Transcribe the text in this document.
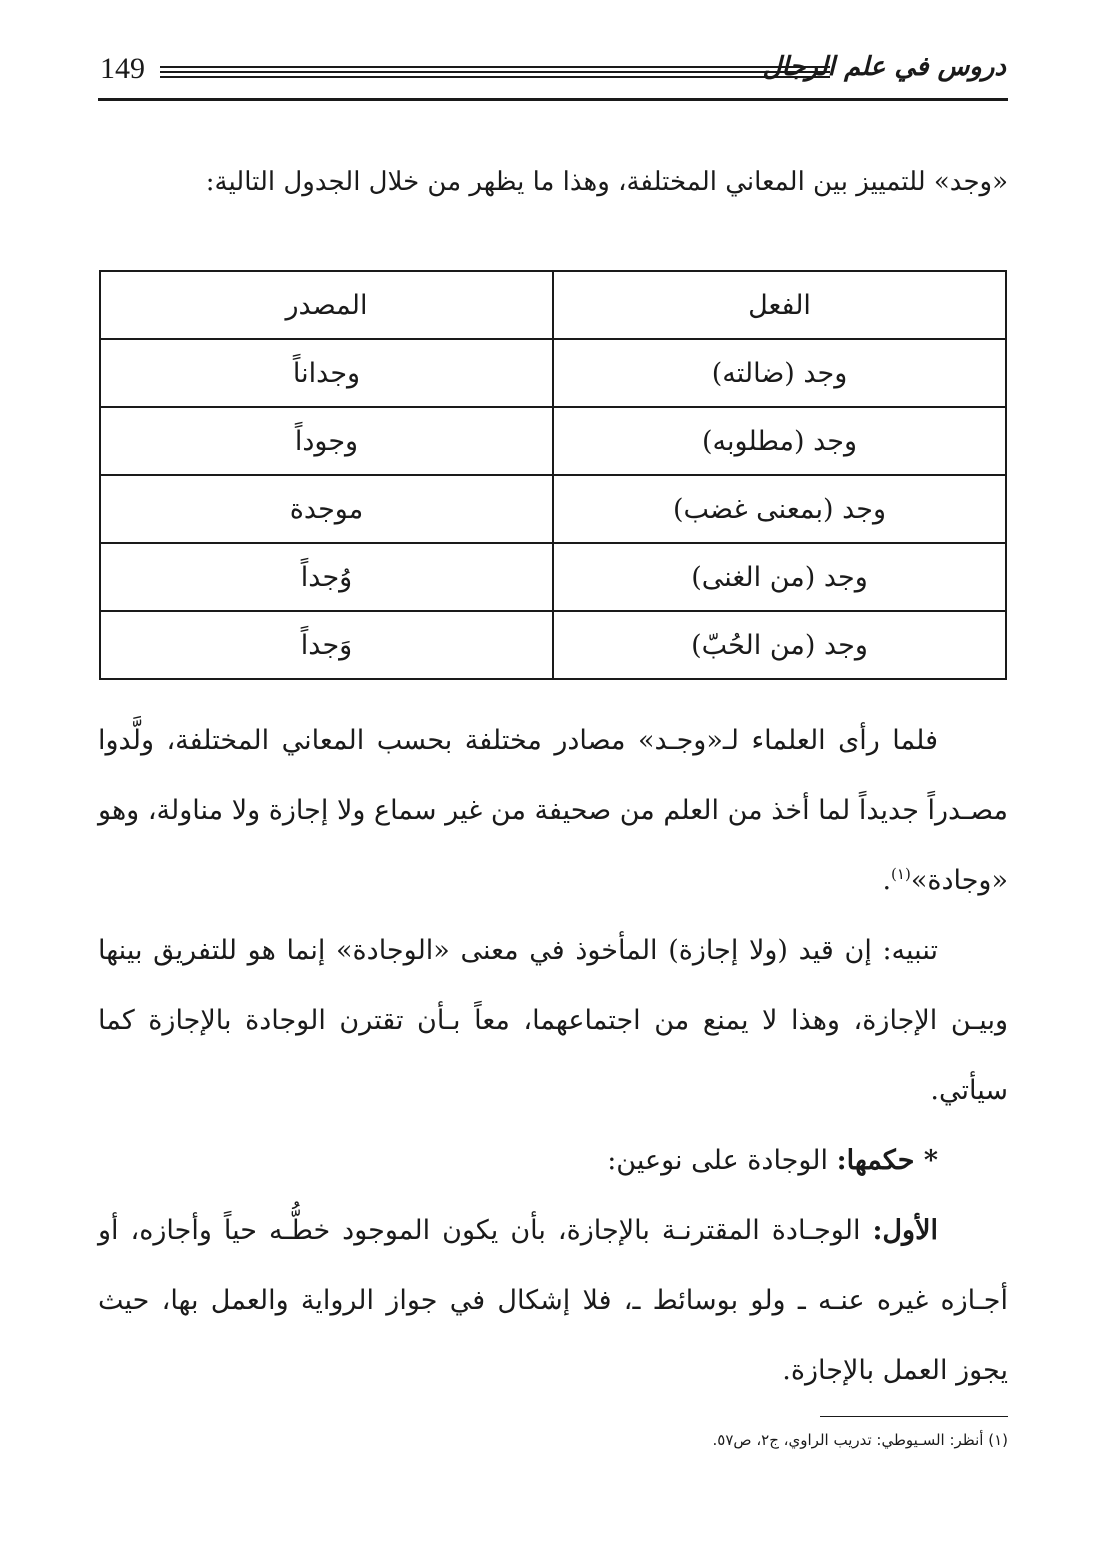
149	دروس في علم الرجال
«وجد» للتمييز بين المعاني المختلفة، وهذا ما يظهر من خلال الجدول التالية:
الفعل	المصدر
وجد (ضالته)	وجداناً
وجد (مطلوبه)	وجوداً
وجد (بمعنى غضب)	موجدة
وجد (من الغنى)	وُجداً
وجد (من الحُبّ)	وَجداً

فلما رأى العلماء لـ«وجـد» مصادر مختلفة بحسب المعاني المختلفة، ولَّدوا مصـدراً جديداً لما أخذ من العلم من صحيفة من غير سماع ولا إجازة ولا مناولة، وهو «وجادة»$^{(١)}$.

تنبيه: إن قيد (ولا إجازة) المأخوذ في معنى «الوجادة» إنما هو للتفريق بينها وبيـن الإجازة، وهذا لا يمنع من اجتماعهما، معاً بـأن تقترن الوجادة بالإجازة كما سيأتي.

* حكمها: الوجادة على نوعين:

الأول: الوجـادة المقترنـة بالإجازة، بأن يكون الموجود خطُّـه حياً وأجازه، أو أجـازه غيره عنـه ـ ولو بوسائط ـ، فلا إشكال في جواز الرواية والعمل بها، حيث يجوز العمل بالإجازة.

(١) أنظر: السـيوطي: تدريب الراوي، ج٢، ص٥٧.
